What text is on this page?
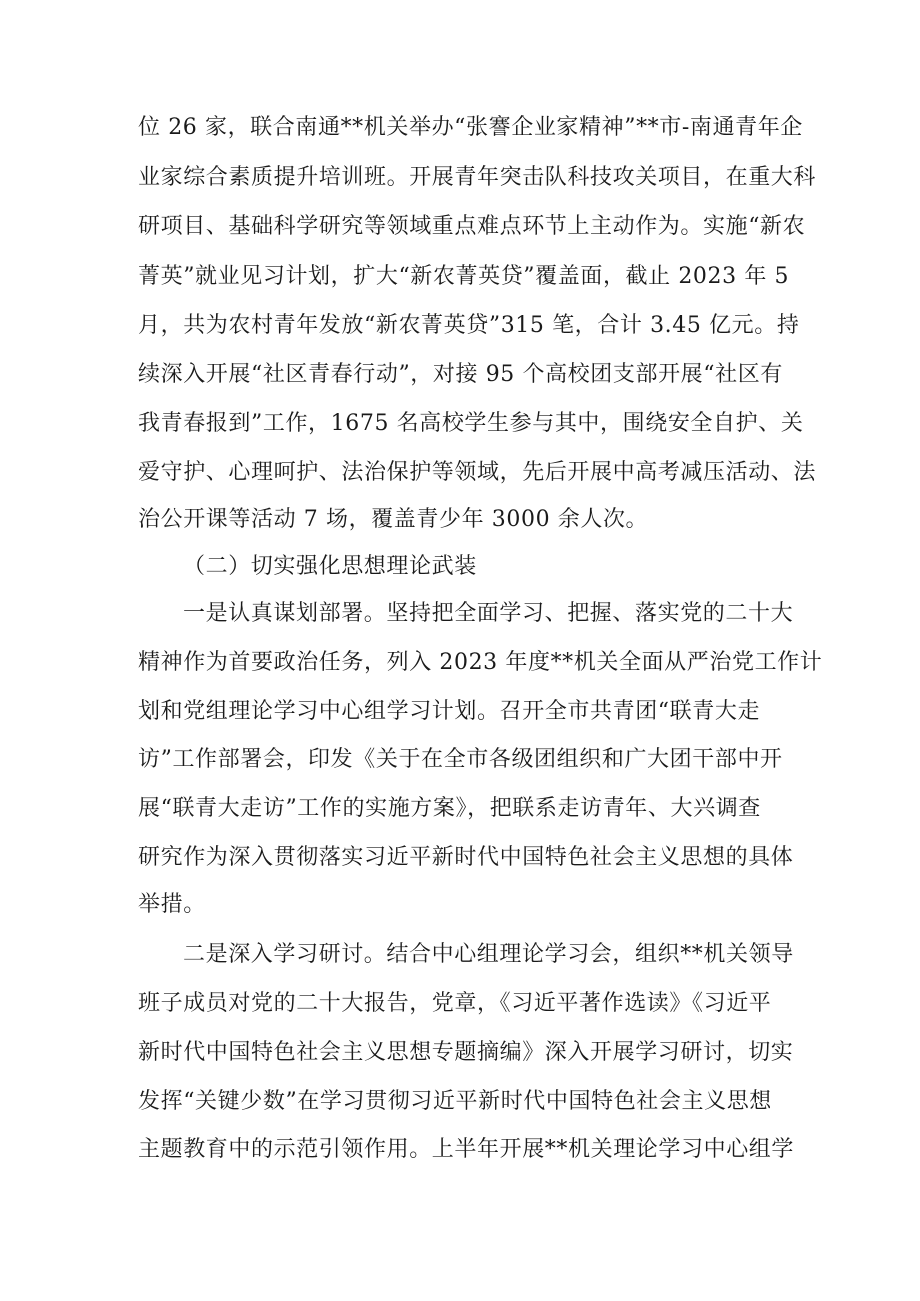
位 26 家，联合南通**机关举办“张謇企业家精神”**市-南通青年企
业家综合素质提升培训班。开展青年突击队科技攻关项目，在重大科
研项目、基础科学研究等领域重点难点环节上主动作为。实施“新农
菁英”就业见习计划，扩大“新农菁英贷”覆盖面，截止 2023 年 5
月，共为农村青年发放“新农菁英贷”315 笔，合计 3.45 亿元。持
续深入开展“社区青春行动”，对接 95 个高校团支部开展“社区有
我青春报到”工作，1675 名高校学生参与其中，围绕安全自护、关
爱守护、心理呵护、法治保护等领域，先后开展中高考减压活动、法
治公开课等活动 7 场，覆盖青少年 3000 余人次。
（二）切实强化思想理论武装
一是认真谋划部署。坚持把全面学习、把握、落实党的二十大
精神作为首要政治任务，列入 2023 年度**机关全面从严治党工作计
划和党组理论学习中心组学习计划。召开全市共青团“联青大走
访”工作部署会，印发《关于在全市各级团组织和广大团干部中开
展“联青大走访”工作的实施方案》，把联系走访青年、大兴调查
研究作为深入贯彻落实习近平新时代中国特色社会主义思想的具体
举措。
二是深入学习研讨。结合中心组理论学习会，组织**机关领导
班子成员对党的二十大报告，党章，《习近平著作选读》《习近平
新时代中国特色社会主义思想专题摘编》深入开展学习研讨，切实
发挥“关键少数”在学习贯彻习近平新时代中国特色社会主义思想
主题教育中的示范引领作用。上半年开展**机关理论学习中心组学
